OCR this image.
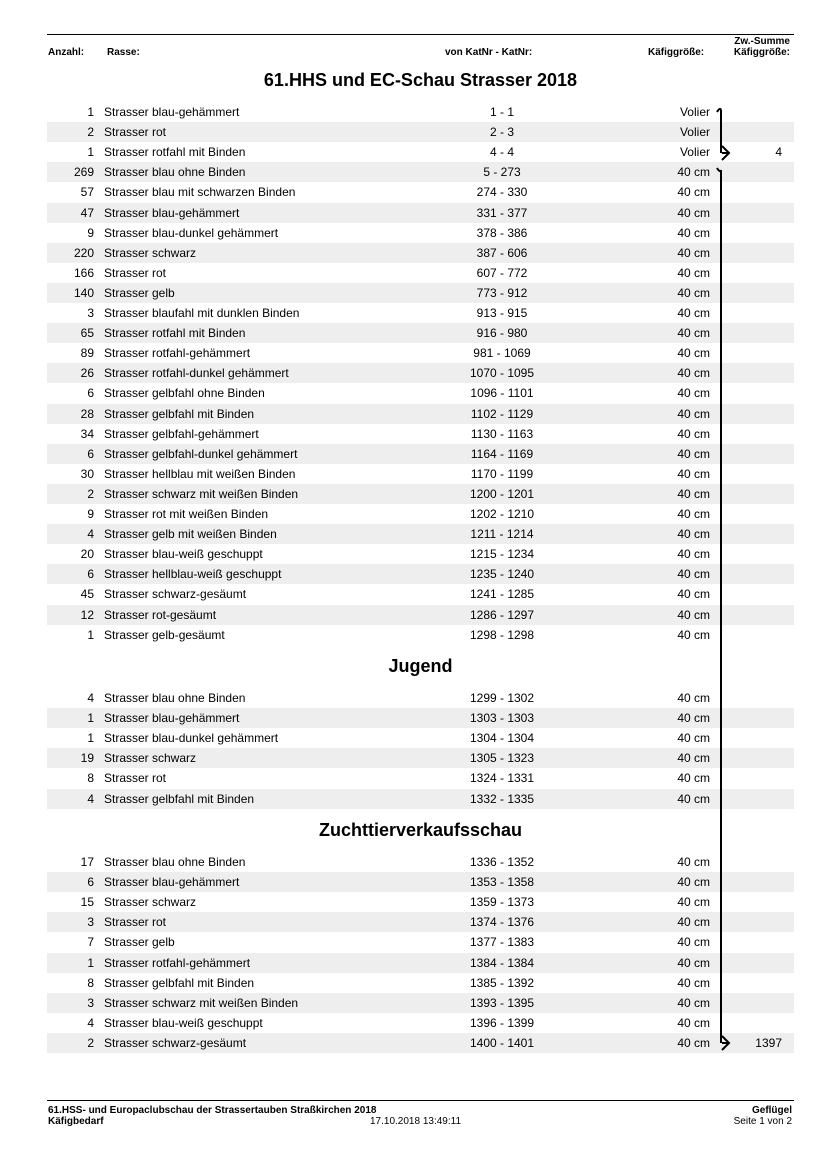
Anzahl: Rasse:	von KatNr - KatNr:	Käfiggröße:
Zw.-Summe
Käfiggröße:
61.HHS und EC-Schau Strasser 2018
1 Strasser blau-gehämmert	1 - 1	Volier
2 Strasser rot	2 - 3	Volier
1 Strasser rotfahl mit Binden	4 - 4	Volier	4
269 Strasser blau ohne Binden	5 - 273	40 cm
57 Strasser blau mit schwarzen Binden	274 - 330	40 cm
47 Strasser blau-gehämmert	331 - 377	40 cm
9 Strasser blau-dunkel gehämmert	378 - 386	40 cm
220 Strasser schwarz	387 - 606	40 cm
166 Strasser rot	607 - 772	40 cm
140 Strasser gelb	773 - 912	40 cm
3 Strasser blaufahl mit dunklen Binden	913 - 915	40 cm
65 Strasser rotfahl mit Binden	916 - 980	40 cm
89 Strasser rotfahl-gehämmert	981 - 1069	40 cm
26 Strasser rotfahl-dunkel gehämmert	1070 - 1095	40 cm
6 Strasser gelbfahl ohne Binden	1096 - 1101	40 cm
28 Strasser gelbfahl mit Binden	1102 - 1129	40 cm
34 Strasser gelbfahl-gehämmert	1130 - 1163	40 cm
6 Strasser gelbfahl-dunkel gehämmert	1164 - 1169	40 cm
30 Strasser hellblau mit weißen Binden	1170 - 1199	40 cm
2 Strasser schwarz mit weißen Binden	1200 - 1201	40 cm
9 Strasser rot mit weißen Binden	1202 - 1210	40 cm
4 Strasser gelb mit weißen Binden	1211 - 1214	40 cm
20 Strasser blau-weiß geschuppt	1215 - 1234	40 cm
6 Strasser hellblau-weiß geschuppt	1235 - 1240	40 cm
45 Strasser schwarz-gesäumt	1241 - 1285	40 cm
12 Strasser rot-gesäumt	1286 - 1297	40 cm
1 Strasser gelb-gesäumt	1298 - 1298	40 cm
Jugend
4 Strasser blau ohne Binden	1299 - 1302	40 cm
1 Strasser blau-gehämmert	1303 - 1303	40 cm
1 Strasser blau-dunkel gehämmert	1304 - 1304	40 cm
19 Strasser schwarz	1305 - 1323	40 cm
8 Strasser rot	1324 - 1331	40 cm
4 Strasser gelbfahl mit Binden	1332 - 1335	40 cm
Zuchttierverkaufsschau
17 Strasser blau ohne Binden	1336 - 1352	40 cm
6 Strasser blau-gehämmert	1353 - 1358	40 cm
15 Strasser schwarz	1359 - 1373	40 cm
3 Strasser rot	1374 - 1376	40 cm
7 Strasser gelb	1377 - 1383	40 cm
1 Strasser rotfahl-gehämmert	1384 - 1384	40 cm
8 Strasser gelbfahl mit Binden	1385 - 1392	40 cm
3 Strasser schwarz mit weißen Binden	1393 - 1395	40 cm
4 Strasser blau-weiß geschuppt	1396 - 1399	40 cm
2 Strasser schwarz-gesäumt	1400 - 1401	40 cm	1397
61.HSS- und Europaclubschau der Strassertauben Straßkirchen 2018
Käfigbedarf	17.10.2018 13:49:11
Geflügel
Seite 1 von 2
